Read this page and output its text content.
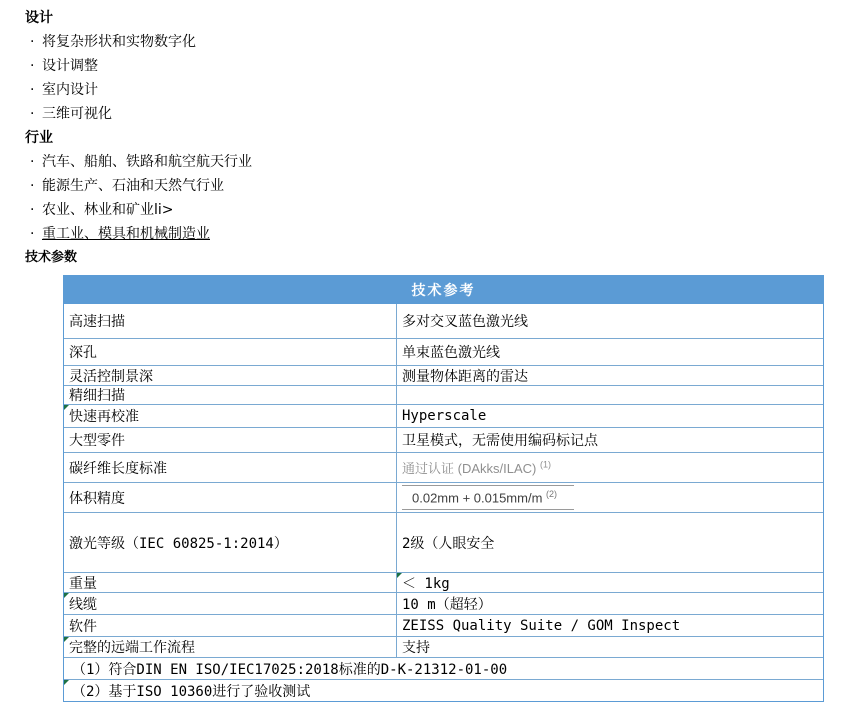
设计
· 将复杂形状和实物数字化
· 设计调整
· 室内设计
· 三维可视化
行业
· 汽车、船舶、铁路和航空航天行业
· 能源生产、石油和天然气行业
· 农业、林业和矿业li>
· 重工业、模具和机械制造业
技术参数
技术参考
高速扫描	多对交叉蓝色激光线
深孔	单束蓝色激光线
灵活控制景深	测量物体距离的雷达
精细扫描
快速再校准	Hyperscale
大型零件	卫星模式，无需使用编码标记点
碳纤维长度标准	通过认证 (DAkks/ILAC) $^{(1)}$
体积精度	0.02mm + 0.015mm/m $^{(2)}$
激光等级（IEC 60825-1:2014）	2级（人眼安全
重量	＜ 1kg
线缆	10 m（超轻）
软件	ZEISS Quality Suite / GOM Inspect
完整的远端工作流程	支持
（1）符合DIN EN ISO/IEC17025:2018标准的D-K-21312-01-00
（2）基于ISO 10360进行了验收测试
